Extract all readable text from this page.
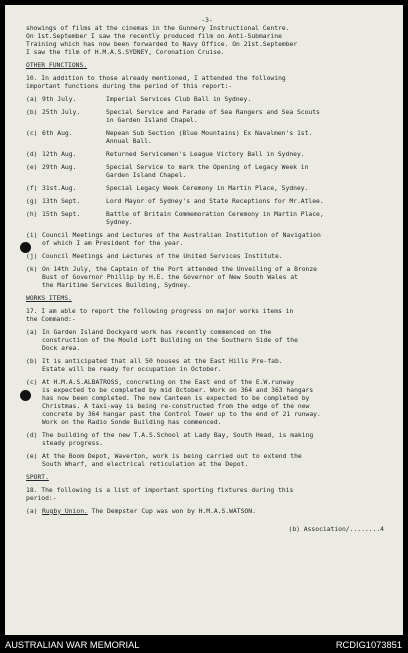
-3-
showings of films at the cinemas in the Gunnery Instructional Centre.
On 1st.September I saw the recently produced film on Anti-Submarine
Training which has now been forwarded to Navy Office. On 21st.September
I saw the film of H.M.A.S.SYDNEY, Coronation Cruise.
OTHER FUNCTIONS.
10. In addition to those already mentioned, I attended the following
important functions during the period of this report:-
(a) 9th July.	Imperial Services Club Ball in Sydney.
(b) 25th July.	Special Service and Parade of Sea Rangers and Sea Scouts
in Garden Island Chapel.
(c) 6th Aug.	Nepean Sub Section (Blue Mountains) Ex Navalmen's 1st.
Annual Ball.
(d) 12th Aug.	Returned Servicemen's League Victory Ball in Sydney.
(e) 29th Aug.	Special Service to mark the Opening of Legacy Week in
Garden Island Chapel.
(f) 31st.Aug.	Special Legacy Week Ceremony in Martin Place, Sydney.
(g) 13th Sept.	Lord Mayor of Sydney's and State Receptions for Mr.Atlee.
(h) 15th Sept.	Battle of Britain Commemoration Ceremony in Martin Place,
Sydney.
(i) Council Meetings and Lectures of the Australian Institution of Navigation
of which I am President for the year.
(j) Council Meetings and Lectures of the United Services Institute.
(k) On 14th July, the Captain of the Port attended the Unveiling of a Bronze
Bust of Governor Phillip by H.E. the Governor of New South Wales at
the Maritime Services Building, Sydney.
WORKS ITEMS.
17. I am able to report the following progress on major works items in
the Command:-
(a) In Garden Island Dockyard work has recently commenced on the
construction of the Mould Loft Building on the Southern Side of the
Dock area.
(b) It is anticipated that all 50 houses at the East Hills Pre-fab.
Estate will be ready for occupation in October.
(c) At H.M.A.S.ALBATROSS, concreting on the East end of the E.W.runway
is expected to be completed by mid October. Work on 364 and 363 hangars
has now been completed. The new Canteen is expected to be completed by
Christmas. A taxi-way is being re-constructed from the edge of the new
concrete by 364 hangar past the Control Tower up to the end of 21 runway.
Work on the Radio Sonde Building has commenced.
(d) The building of the new T.A.S.School at Lady Bay, South Head, is making
steady progress.
(e) At the Boom Depot, Waverton, work is being carried out to extend the
South Wharf, and electrical reticulation at the Depot.
SPORT.
18. The following is a list of important sporting fixtures during this
period:-
(a) Rugby Union. The Dempster Cup was won by H.M.A.S.WATSON.
(b) Association/........4
AUSTRALIAN WAR MEMORIAL	RCDIG1073851
